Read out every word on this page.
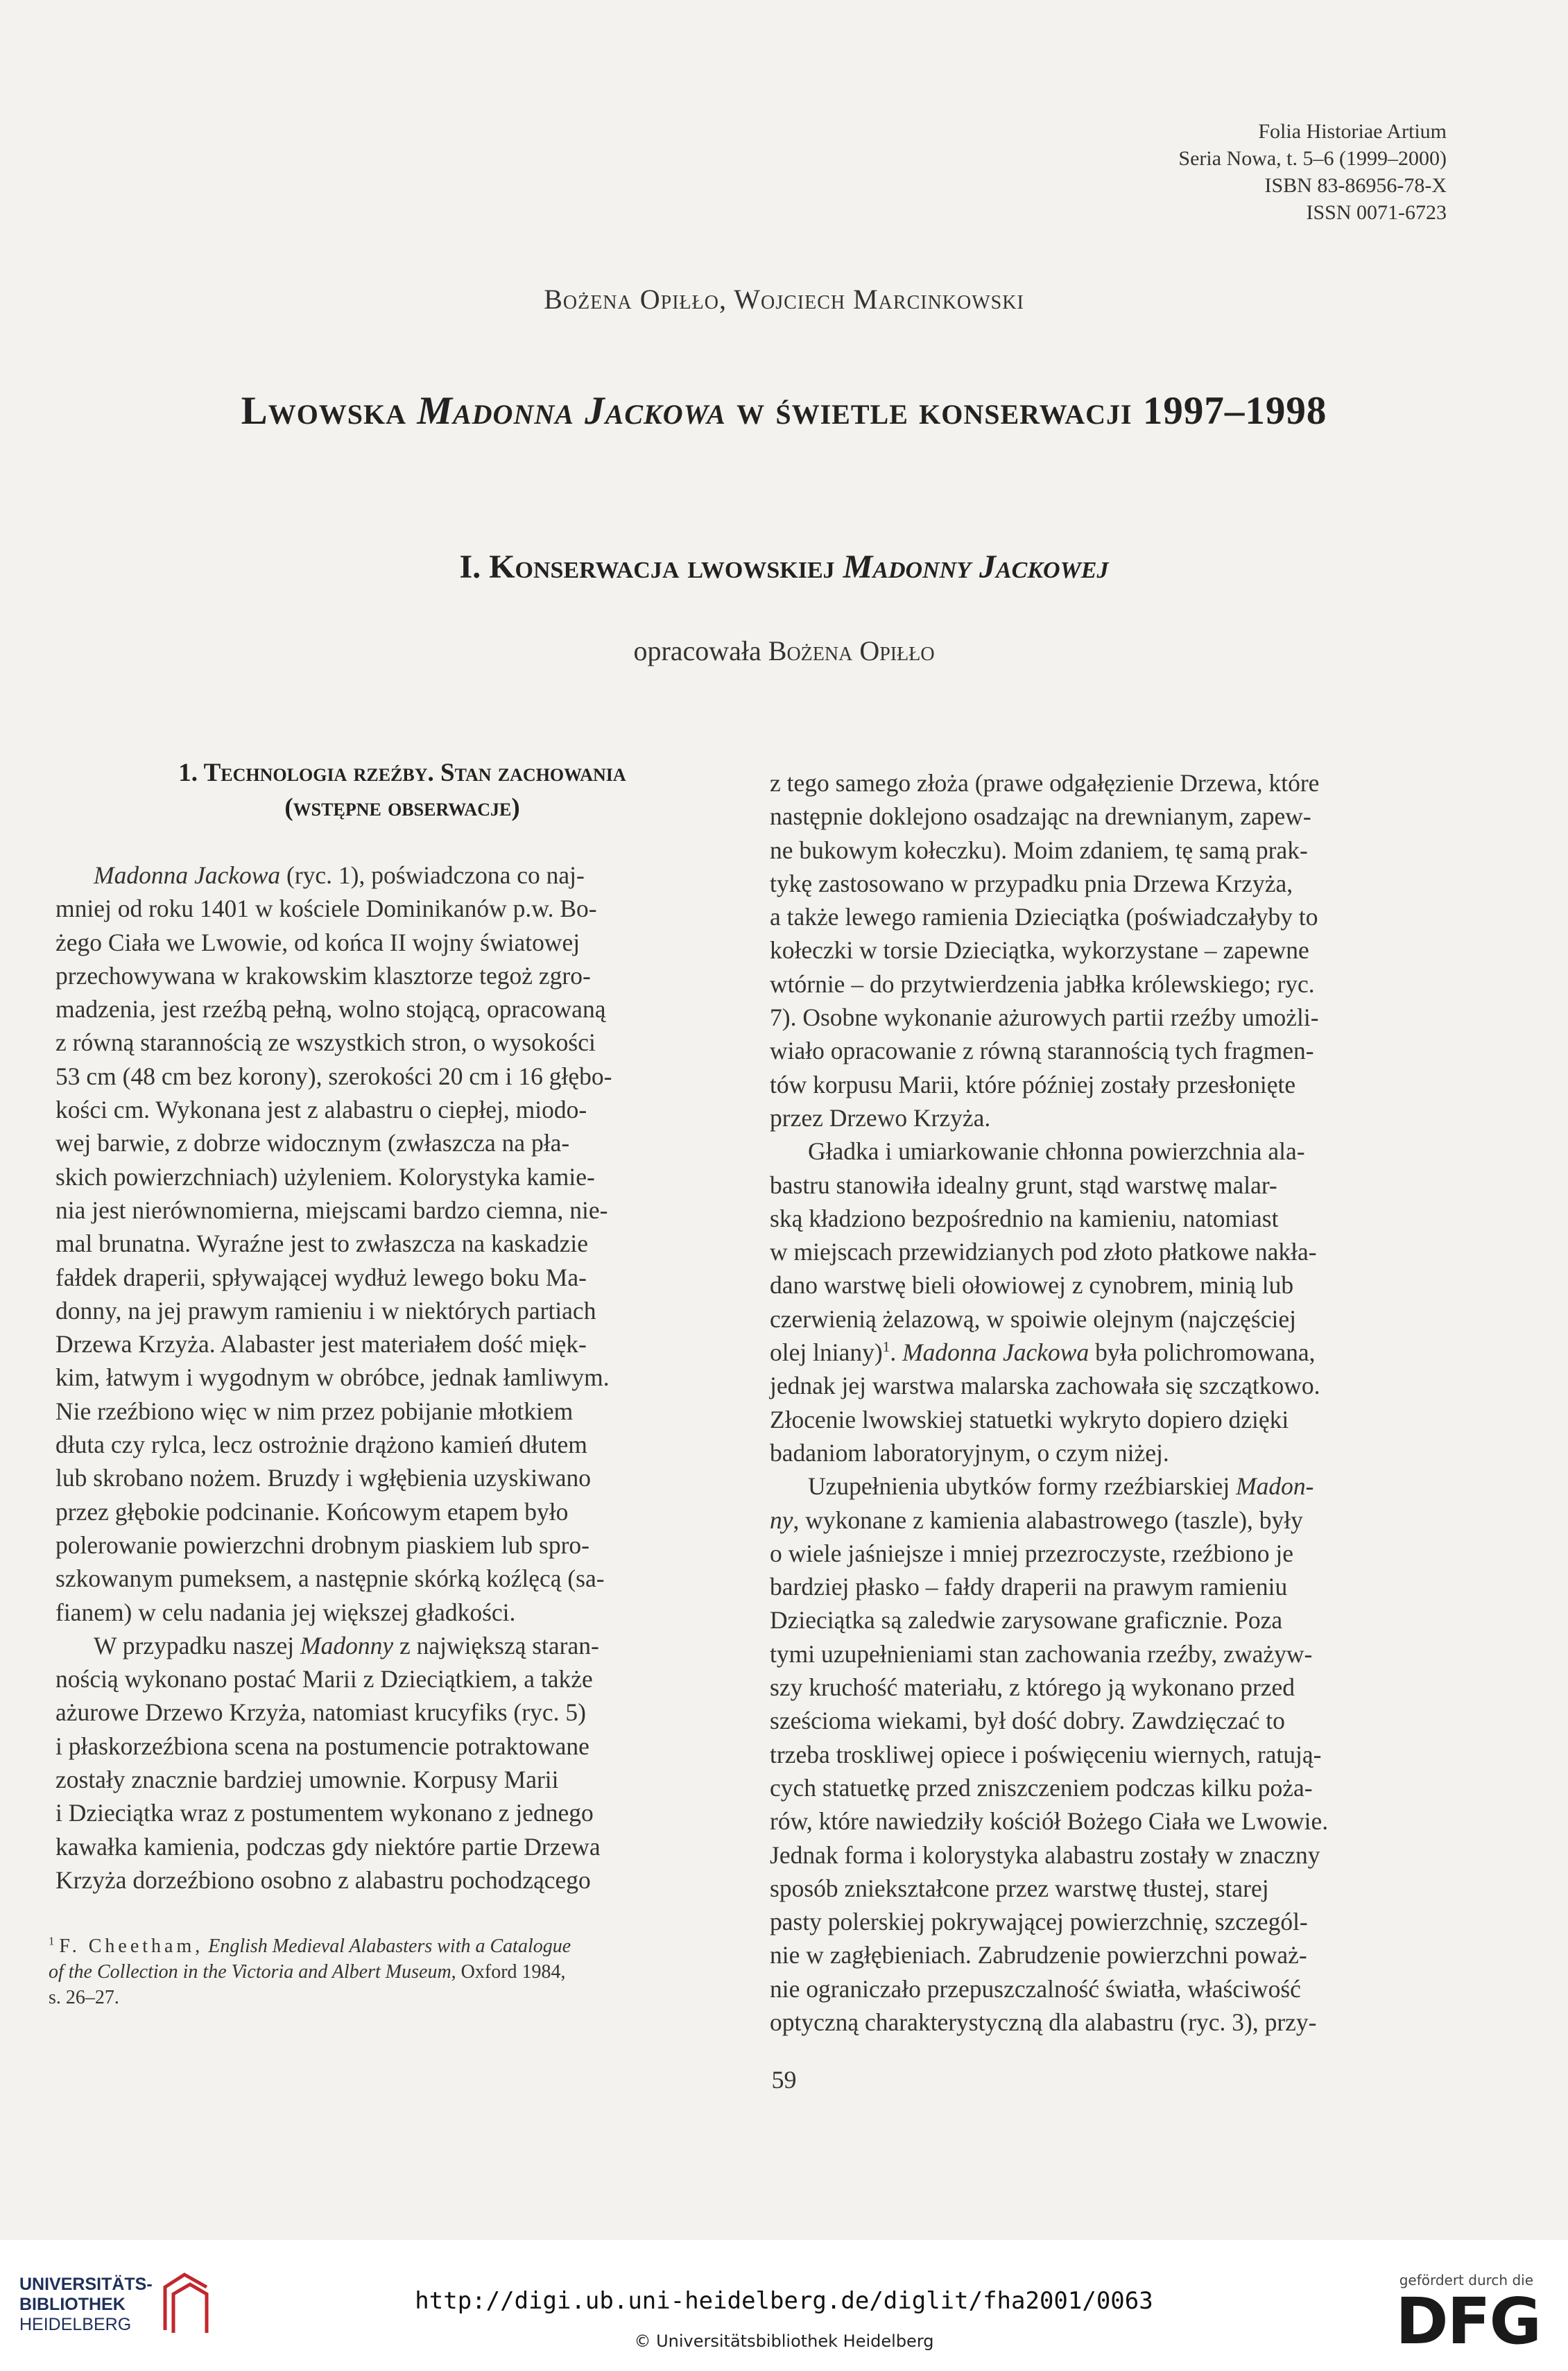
Folia Historiae Artium
Seria Nowa, t. 5–6 (1999–2000)
ISBN 83-86956-78-X
ISSN 0071-6723
Bożena Opiłło, Wojciech Marcinkowski
Lwowska Madonna Jackowa w świetle konserwacji 1997–1998
I. Konserwacja lwowskiej Madonny Jackowej
opracowała Bożena Opiłło
1. Technologia rzeźby. Stan zachowania
(wstępne obserwacje)

Madonna Jackowa (ryc. 1), poświadczona co naj-

mniej od roku 1401 w kościele Dominikanów p.w. Bo-

żego Ciała we Lwowie, od końca II wojny światowej

przechowywana w krakowskim klasztorze tegoż zgro-

madzenia, jest rzeźbą pełną, wolno stojącą, opracowaną

z równą starannością ze wszystkich stron, o wysokości

53 cm (48 cm bez korony), szerokości 20 cm i 16 głębo-

kości cm. Wykonana jest z alabastru o ciepłej, miodo-

wej barwie, z dobrze widocznym (zwłaszcza na pła-

skich powierzchniach) użyleniem. Kolorystyka kamie-

nia jest nierównomierna, miejscami bardzo ciemna, nie-

mal brunatna. Wyraźne jest to zwłaszcza na kaskadzie

fałdek draperii, spływającej wydłuż lewego boku Ma-

donny, na jej prawym ramieniu i w niektórych partiach

Drzewa Krzyża. Alabaster jest materiałem dość mięk-

kim, łatwym i wygodnym w obróbce, jednak łamliwym.

Nie rzeźbiono więc w nim przez pobijanie młotkiem

dłuta czy rylca, lecz ostrożnie drążono kamień dłutem

lub skrobano nożem. Bruzdy i wgłębienia uzyskiwano

przez głębokie podcinanie. Końcowym etapem było

polerowanie powierzchni drobnym piaskiem lub spro-

szkowanym pumeksem, a następnie skórką koźlęcą (sa-

fianem) w celu nadania jej większej gładkości.

W przypadku naszej Madonny z największą staran-

nością wykonano postać Marii z Dzieciątkiem, a także

ażurowe Drzewo Krzyża, natomiast krucyfiks (ryc. 5)

i płaskorzeźbiona scena na postumencie potraktowane

zostały znacznie bardziej umownie. Korpusy Marii

i Dzieciątka wraz z postumentem wykonano z jednego

kawałka kamienia, podczas gdy niektóre partie Drzewa

Krzyża dorzeźbiono osobno z alabastru pochodzącego

z tego samego złoża (prawe odgałęzienie Drzewa, które

następnie doklejono osadzając na drewnianym, zapew-

ne bukowym kołeczku). Moim zdaniem, tę samą prak-

tykę zastosowano w przypadku pnia Drzewa Krzyża,

a także lewego ramienia Dzieciątka (poświadczałyby to

kołeczki w torsie Dzieciątka, wykorzystane – zapewne

wtórnie – do przytwierdzenia jabłka królewskiego; ryc.

7). Osobne wykonanie ażurowych partii rzeźby umożli-

wiało opracowanie z równą starannością tych fragmen-

tów korpusu Marii, które później zostały przesłonięte

przez Drzewo Krzyża.

Gładka i umiarkowanie chłonna powierzchnia ala-

bastru stanowiła idealny grunt, stąd warstwę malar-

ską kładziono bezpośrednio na kamieniu, natomiast

w miejscach przewidzianych pod złoto płatkowe nakła-

dano warstwę bieli ołowiowej z cynobrem, minią lub

czerwienią żelazową, w spoiwie olejnym (najczęściej

olej lniany)$^1$. Madonna Jackowa była polichromowana,

jednak jej warstwa malarska zachowała się szczątkowo.

Złocenie lwowskiej statuetki wykryto dopiero dzięki

badaniom laboratoryjnym, o czym niżej.

Uzupełnienia ubytków formy rzeźbiarskiej Madon-

ny, wykonane z kamienia alabastrowego (taszle), były

o wiele jaśniejsze i mniej przezroczyste, rzeźbiono je

bardziej płasko – fałdy draperii na prawym ramieniu

Dzieciątka są zaledwie zarysowane graficznie. Poza

tymi uzupełnieniami stan zachowania rzeźby, zważyw-

szy kruchość materiału, z którego ją wykonano przed

sześcioma wiekami, był dość dobry. Zawdzięczać to

trzeba troskliwej opiece i poświęceniu wiernych, ratują-

cych statuetkę przed zniszczeniem podczas kilku poża-

rów, które nawiedziły kościół Bożego Ciała we Lwowie.

Jednak forma i kolorystyka alabastru zostały w znaczny

sposób zniekształcone przez warstwę tłustej, starej

pasty polerskiej pokrywającej powierzchnię, szczegól-

nie w zagłębieniach. Zabrudzenie powierzchni poważ-

nie ograniczało przepuszczalność światła, właściwość

optyczną charakterystyczną dla alabastru (ryc. 3), przy-

$^1$ F. Cheetham, English Medieval Alabasters with a Catalogue

of the Collection in the Victoria and Albert Museum, Oxford 1984,

s. 26–27.

59
UNIVERSITÄTS-
BIBLIOTHEK
HEIDELBERG
http://digi.ub.uni-heidelberg.de/diglit/fha2001/0063
© Universitätsbibliothek Heidelberg
gefördert durch die
DFG
